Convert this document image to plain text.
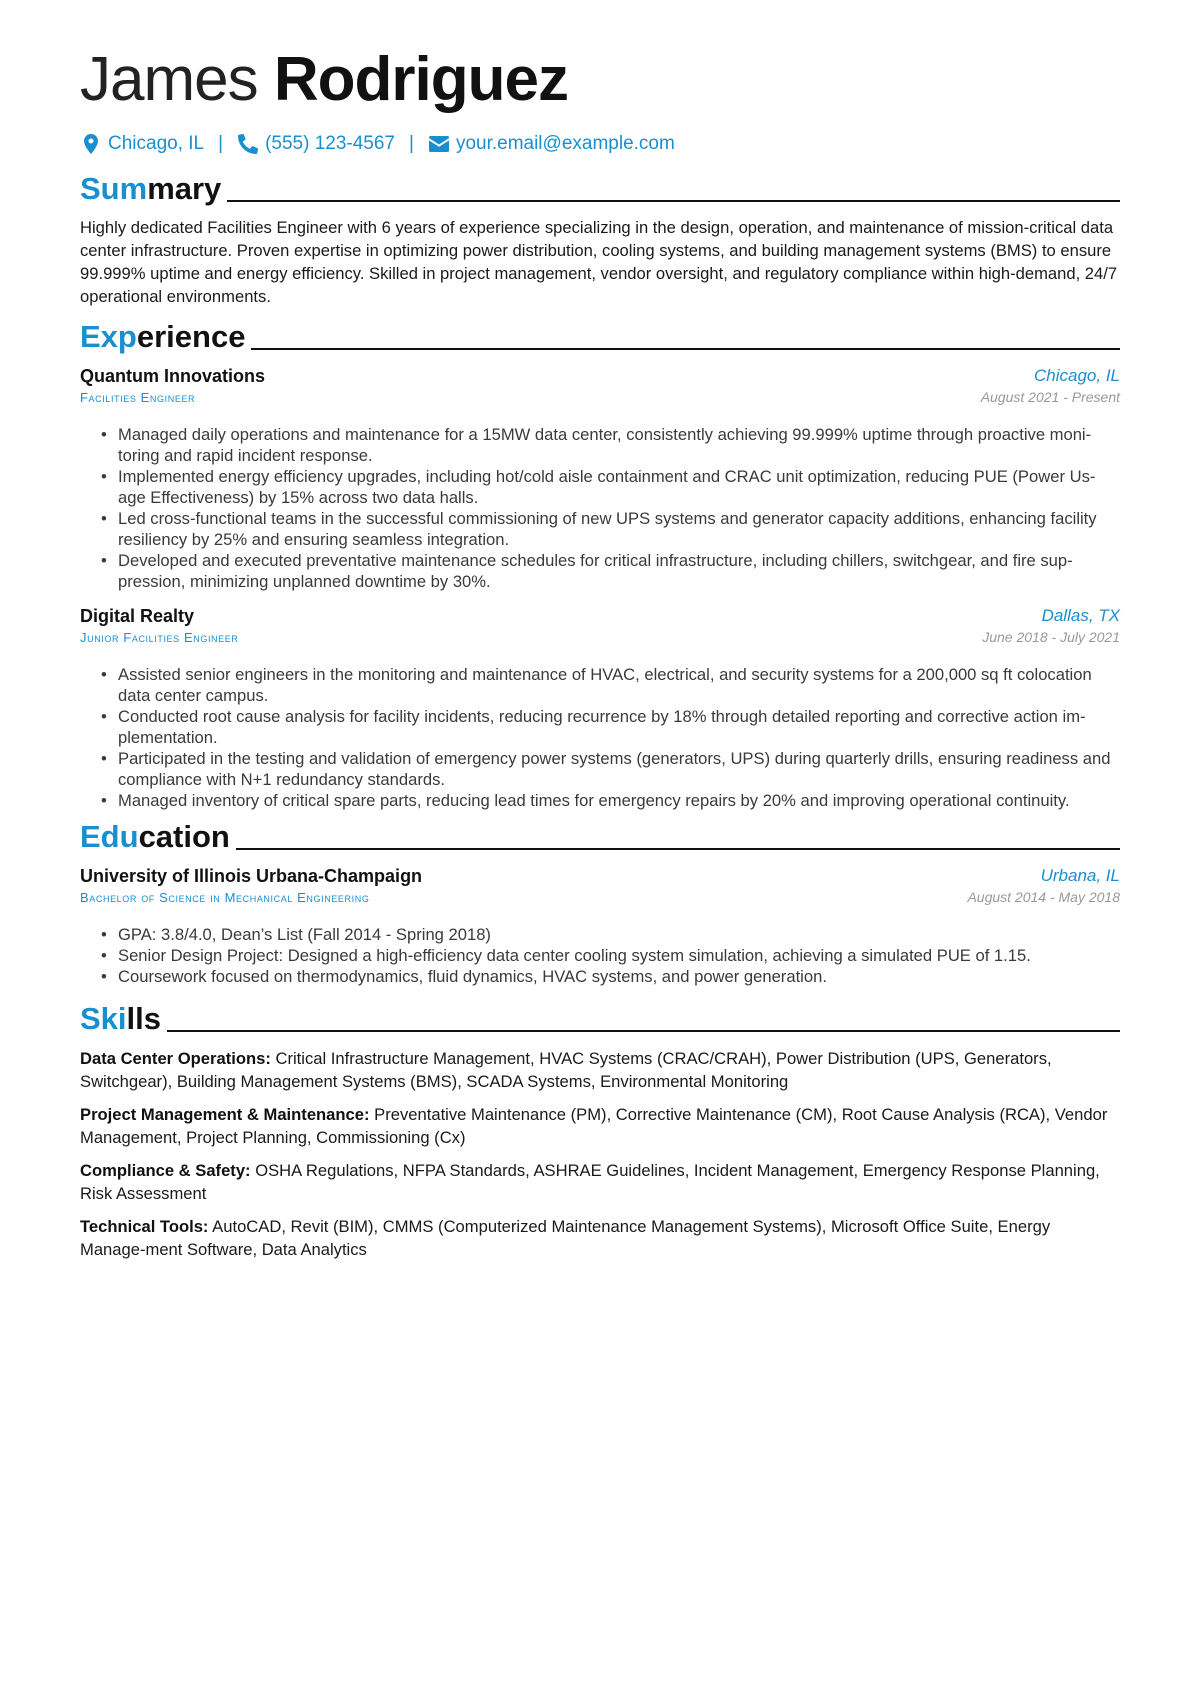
James Rodriguez
Chicago, IL | (555) 123-4567 | your.email@example.com
Summary
Highly dedicated Facilities Engineer with 6 years of experience specializing in the design, operation, and maintenance of mission-critical data center infrastructure. Proven expertise in optimizing power distribution, cooling systems, and building management systems (BMS) to ensure 99.999% uptime and energy efficiency. Skilled in project management, vendor oversight, and regulatory compliance within high-demand, 24/7 operational environments.
Experience
Quantum Innovations	Chicago, IL
Facilities Engineer	August 2021 - Present
• Managed daily operations and maintenance for a 15MW data center, consistently achieving 99.999% uptime through proactive moni-toring and rapid incident response.
• Implemented energy efficiency upgrades, including hot/cold aisle containment and CRAC unit optimization, reducing PUE (Power Us-age Effectiveness) by 15% across two data halls.
• Led cross-functional teams in the successful commissioning of new UPS systems and generator capacity additions, enhancing facility resiliency by 25% and ensuring seamless integration.
• Developed and executed preventative maintenance schedules for critical infrastructure, including chillers, switchgear, and fire sup-pression, minimizing unplanned downtime by 30%.
Digital Realty	Dallas, TX
Junior Facilities Engineer	June 2018 - July 2021
• Assisted senior engineers in the monitoring and maintenance of HVAC, electrical, and security systems for a 200,000 sq ft colocation data center campus.
• Conducted root cause analysis for facility incidents, reducing recurrence by 18% through detailed reporting and corrective action im-plementation.
• Participated in the testing and validation of emergency power systems (generators, UPS) during quarterly drills, ensuring readiness and compliance with N+1 redundancy standards.
• Managed inventory of critical spare parts, reducing lead times for emergency repairs by 20% and improving operational continuity.
Education
University of Illinois Urbana-Champaign	Urbana, IL
Bachelor of Science in Mechanical Engineering	August 2014 - May 2018
• GPA: 3.8/4.0, Dean’s List (Fall 2014 - Spring 2018)
• Senior Design Project: Designed a high-efficiency data center cooling system simulation, achieving a simulated PUE of 1.15.
• Coursework focused on thermodynamics, fluid dynamics, HVAC systems, and power generation.
Skills
Data Center Operations: Critical Infrastructure Management, HVAC Systems (CRAC/CRAH), Power Distribution (UPS, Generators, Switchgear), Building Management Systems (BMS), SCADA Systems, Environmental Monitoring
Project Management & Maintenance: Preventative Maintenance (PM), Corrective Maintenance (CM), Root Cause Analysis (RCA), Vendor Management, Project Planning, Commissioning (Cx)
Compliance & Safety: OSHA Regulations, NFPA Standards, ASHRAE Guidelines, Incident Management, Emergency Response Planning, Risk Assessment
Technical Tools: AutoCAD, Revit (BIM), CMMS (Computerized Maintenance Management Systems), Microsoft Office Suite, Energy Manage-ment Software, Data Analytics
